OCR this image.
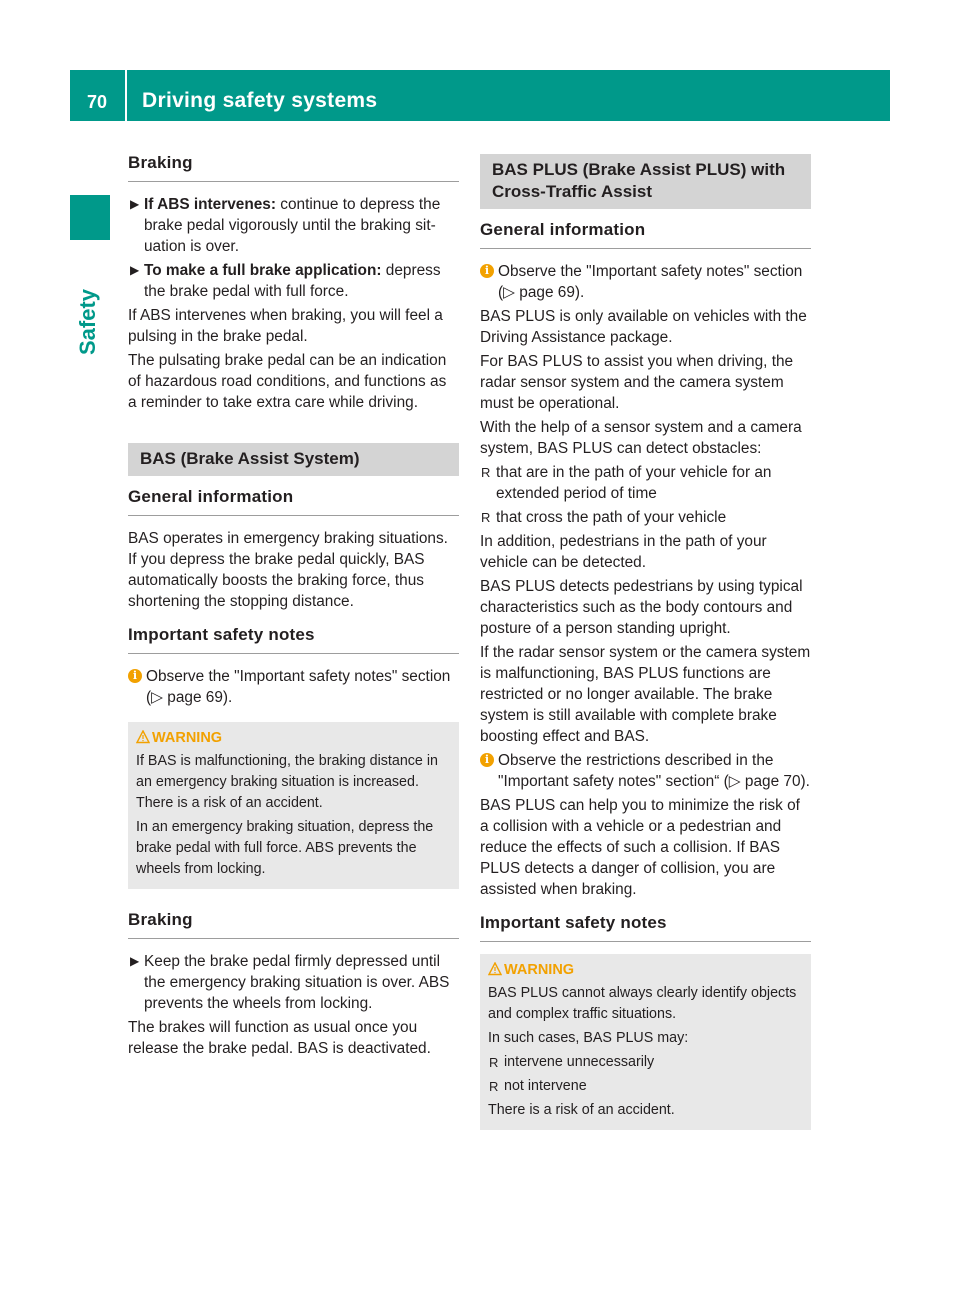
70 Driving safety systems
Safety
Braking
▶ If ABS intervenes: continue to depress the brake pedal vigorously until the braking situation is over.
▶ To make a full brake application: depress the brake pedal with full force.

If ABS intervenes when braking, you will feel a pulsing in the brake pedal.

The pulsating brake pedal can be an indication of hazardous road conditions, and functions as a reminder to take extra care while driving.

BAS (Brake Assist System)
General information

BAS operates in emergency braking situations. If you depress the brake pedal quickly, BAS automatically boosts the braking force, thus shortening the stopping distance.

Important safety notes
i Observe the "Important safety notes" section (▷ page 69).
WARNING

If BAS is malfunctioning, the braking distance in an emergency braking situation is increased. There is a risk of an accident.

In an emergency braking situation, depress the brake pedal with full force. ABS prevents the wheels from locking.

Braking
▶ Keep the brake pedal firmly depressed until the emergency braking situation is over. ABS prevents the wheels from locking.

The brakes will function as usual once you release the brake pedal. BAS is deactivated.

BAS PLUS (Brake Assist PLUS) with Cross-Traffic Assist
General information
i Observe the "Important safety notes" section (▷ page 69).

BAS PLUS is only available on vehicles with the Driving Assistance package.

For BAS PLUS to assist you when driving, the radar sensor system and the camera system must be operational.

With the help of a sensor system and a camera system, BAS PLUS can detect obstacles:

R that are in the path of your vehicle for an extended period of time
R that cross the path of your vehicle

In addition, pedestrians in the path of your vehicle can be detected.

BAS PLUS detects pedestrians by using typical characteristics such as the body contours and posture of a person standing upright.

If the radar sensor system or the camera system is malfunctioning, BAS PLUS functions are restricted or no longer available. The brake system is still available with complete brake boosting effect and BAS.

i Observe the restrictions described in the "Important safety notes" section“ (▷ page 70).

BAS PLUS can help you to minimize the risk of a collision with a vehicle or a pedestrian and reduce the effects of such a collision. If BAS PLUS detects a danger of collision, you are assisted when braking.

Important safety notes
WARNING

BAS PLUS cannot always clearly identify objects and complex traffic situations.

In such cases, BAS PLUS may:

R intervene unnecessarily
R not intervene

There is a risk of an accident.
